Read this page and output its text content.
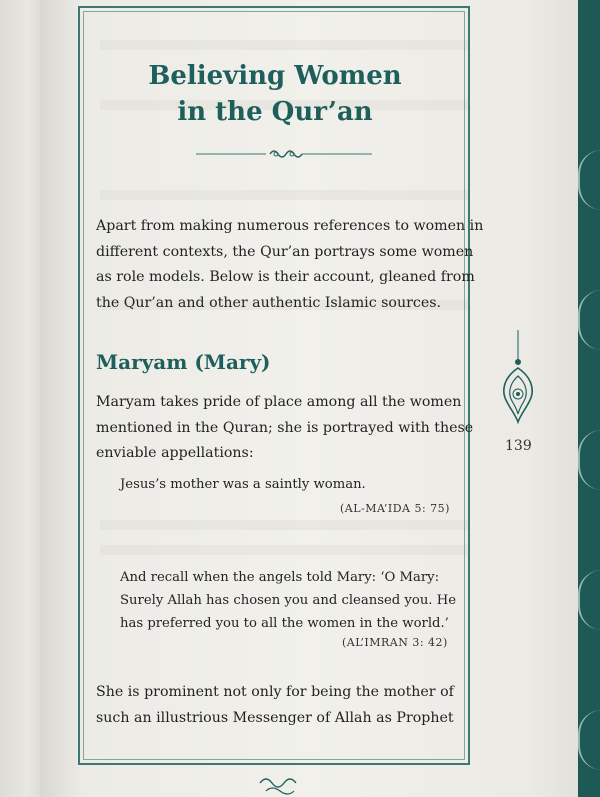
Believing Women
in the Qur’an
Apart from making numerous references to women in
different contexts, the Qur’an portrays some women
as role models. Below is their account, gleaned from
the Qur’an and other authentic Islamic sources.
Maryam (Mary)
Maryam takes pride of place among all the women
mentioned in the Quran; she is portrayed with these
enviable appellations:
Jesus’s mother was a saintly woman.
(AL-MA’IDA 5: 75)
And recall when the angels told Mary: ‘O Mary:
Surely Allah has chosen you and cleansed you. He
has preferred you to all the women in the world.’
(AL’IMRAN 3: 42)
She is prominent not only for being the mother of
such an illustrious Messenger of Allah as Prophet
139
